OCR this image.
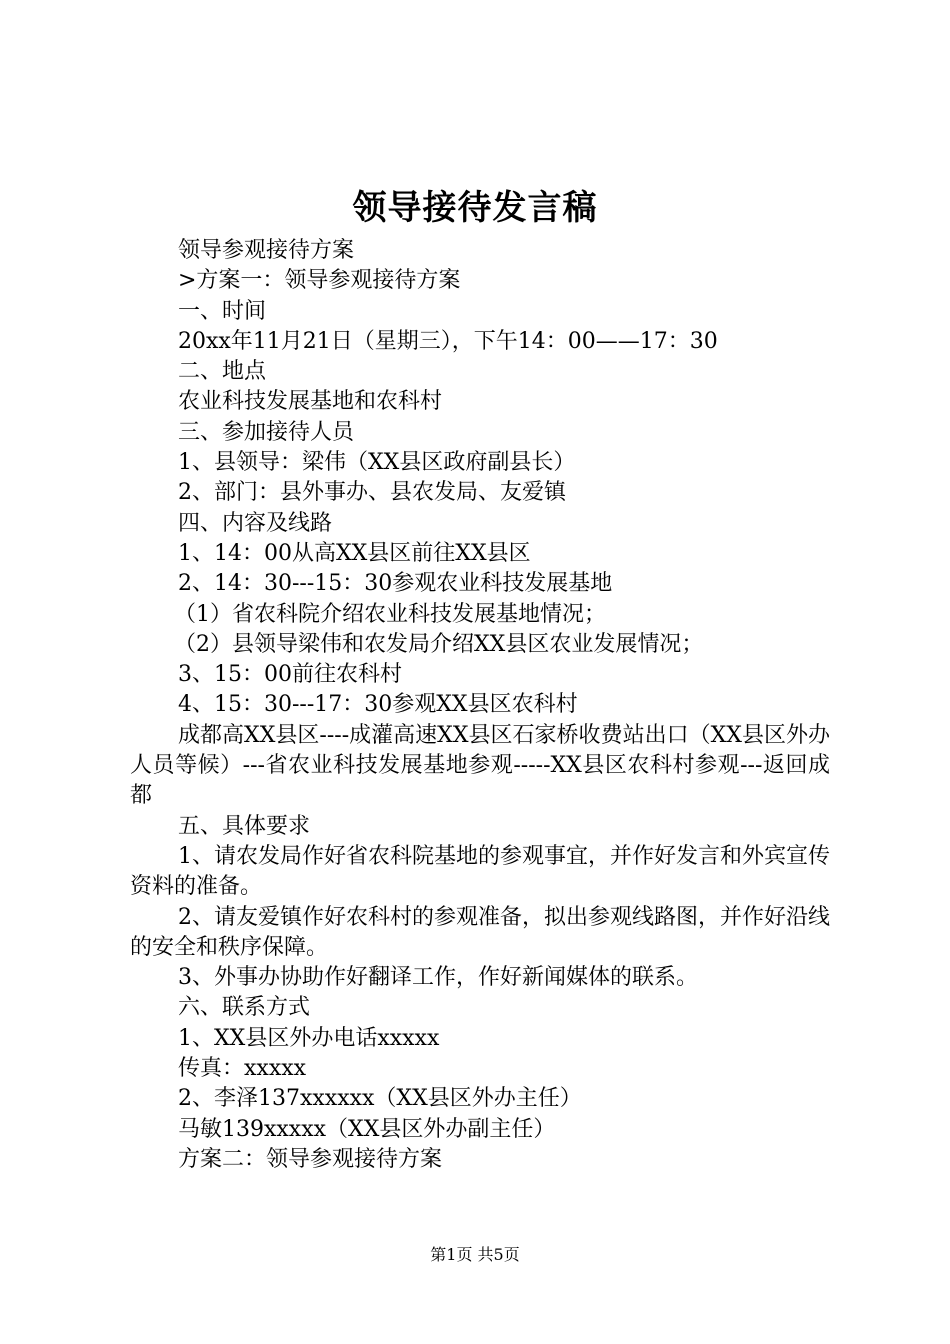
领导接待发言稿
领导参观接待方案
>方案一：领导参观接待方案
一、时间
20xx年11月21日（星期三），下午14：00——17：30
二、地点
农业科技发展基地和农科村
三、参加接待人员
1、县领导：梁伟（XX县区政府副县长）
2、部门：县外事办、县农发局、友爱镇
四、内容及线路
1、14：00从高XX县区前往XX县区
2、14：30---15：30参观农业科技发展基地
（1）省农科院介绍农业科技发展基地情况；
（2）县领导梁伟和农发局介绍XX县区农业发展情况；
3、15：00前往农科村
4、15：30---17：30参观XX县区农科村
成都高XX县区----成灌高速XX县区石家桥收费站出口（XX县区外办人员等候）---省农业科技发展基地参观-----XX县区农科村参观---返回成都
五、具体要求
1、请农发局作好省农科院基地的参观事宜，并作好发言和外宾宣传资料的准备。
2、请友爱镇作好农科村的参观准备，拟出参观线路图，并作好沿线的安全和秩序保障。
3、外事办协助作好翻译工作，作好新闻媒体的联系。
六、联系方式
1、XX县区外办电话xxxxx
传真：xxxxx
2、李泽137xxxxxx（XX县区外办主任）
马敏139xxxxx（XX县区外办副主任）
方案二：领导参观接待方案
第1页 共5页
